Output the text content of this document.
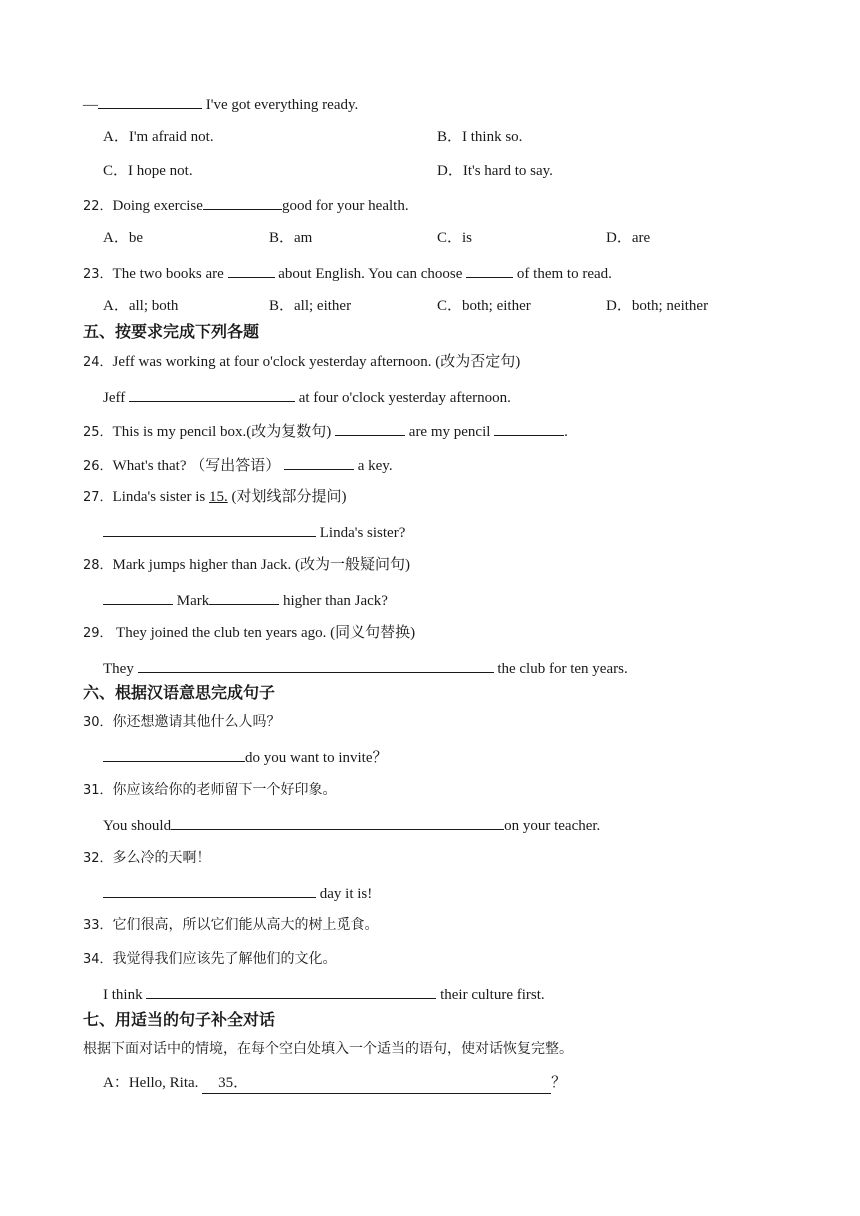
—	I've got everything ready.
A．I'm afraid not.	B．I think so.
C．I hope not.	D．It's hard to say.
22．Doing exercise	good for your health.
A．be	B．am	C．is	D．are
23．The two books are	about English. You can choose	of them to read.
A．all; both	B．all; either	C．both; either	D．both; neither
五、按要求完成下列各题
24．Jeff was working at four o'clock yesterday afternoon. (改为否定句)
Jeff	at four o'clock yesterday afternoon.
25．This is my pencil box.(改为复数句)	are my pencil	.
26．What's that? （写出答语）	a key.
27．Linda's sister is 15. (对划线部分提问)
Linda's sister?
28．Mark jumps higher than Jack. (改为一般疑问句)
Mark	higher than Jack?
29． They joined the club ten years ago. (同义句替换)
They	the club for ten years.
六、根据汉语意思完成句子
30．你还想邀请其他什么人吗？
do you want to invite？
31．你应该给你的老师留下一个好印象。
You should	on your teacher.
32．多么冷的天啊！
day it is!
33．它们很高，所以它们能从高大的树上觅食。
34．我觉得我们应该先了解他们的文化。
I think	their culture first.
七、用适当的句子补全对话
根据下面对话中的情境，在每个空白处填入一个适当的语句，使对话恢复完整。
A：Hello, Rita. 35．	？
